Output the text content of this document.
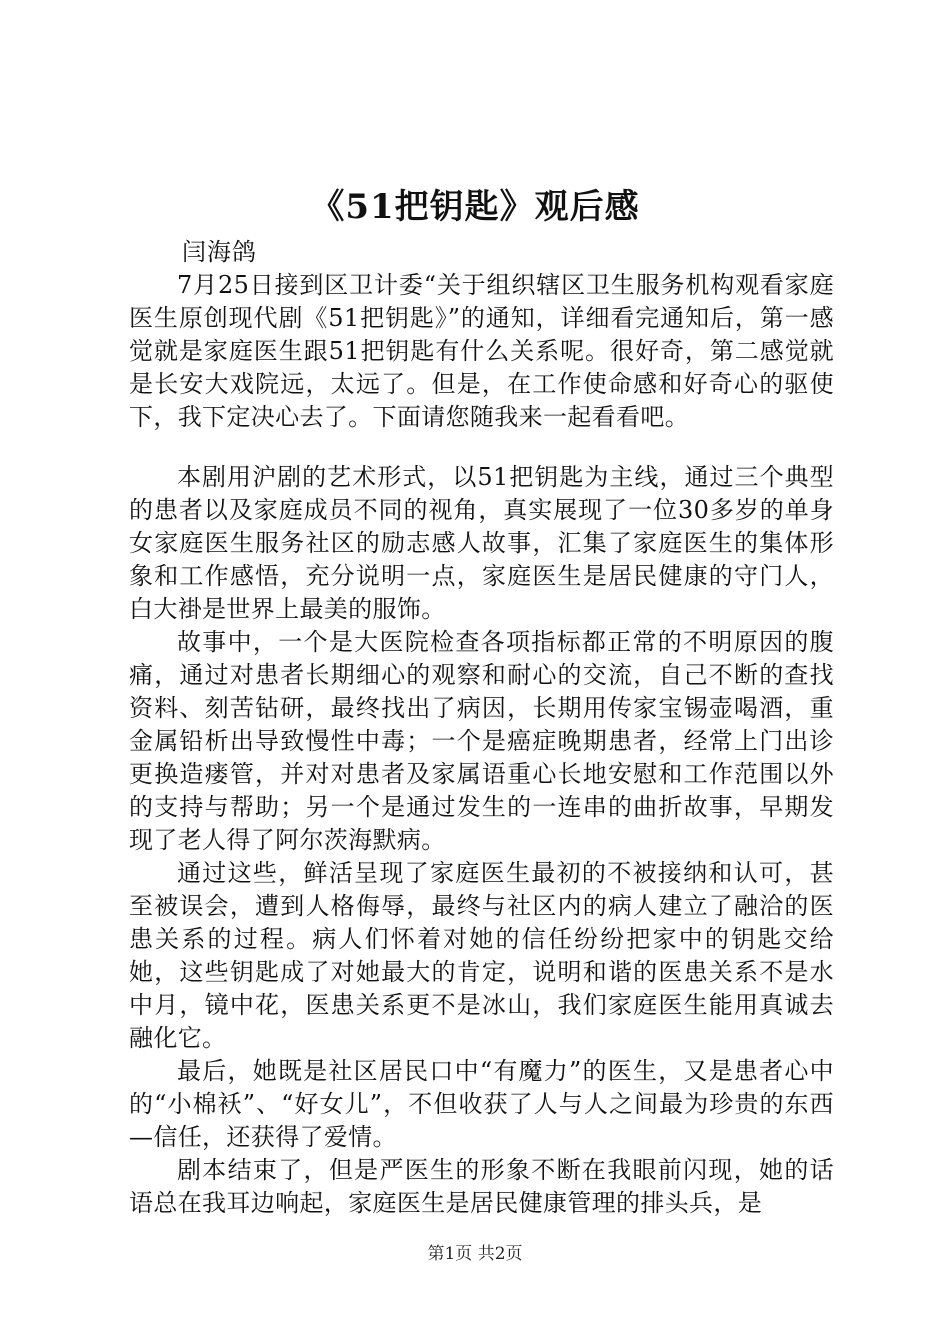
《51把钥匙》观后感
闫海鸽

7月25日接到区卫计委“关于组织辖区卫生服务机构观看家庭医生原创现代剧《51把钥匙》”的通知，详细看完通知后，第一感觉就是家庭医生跟51把钥匙有什么关系呢。很好奇，第二感觉就是长安大戏院远，太远了。但是，在工作使命感和好奇心的驱使下，我下定决心去了。下面请您随我来一起看看吧。

本剧用沪剧的艺术形式，以51把钥匙为主线，通过三个典型的患者以及家庭成员不同的视角，真实展现了一位30多岁的单身女家庭医生服务社区的励志感人故事，汇集了家庭医生的集体形象和工作感悟，充分说明一点，家庭医生是居民健康的守门人，白大褂是世界上最美的服饰。

故事中，一个是大医院检查各项指标都正常的不明原因的腹痛，通过对患者长期细心的观察和耐心的交流，自己不断的查找资料、刻苦钻研，最终找出了病因，长期用传家宝锡壶喝酒，重金属铅析出导致慢性中毒；一个是癌症晚期患者，经常上门出诊更换造瘘管，并对对患者及家属语重心长地安慰和工作范围以外的支持与帮助；另一个是通过发生的一连串的曲折故事，早期发现了老人得了阿尔茨海默病。

通过这些，鲜活呈现了家庭医生最初的不被接纳和认可，甚至被误会，遭到人格侮辱，最终与社区内的病人建立了融洽的医患关系的过程。病人们怀着对她的信任纷纷把家中的钥匙交给她，这些钥匙成了对她最大的肯定，说明和谐的医患关系不是水中月，镜中花，医患关系更不是冰山，我们家庭医生能用真诚去融化它。

最后，她既是社区居民口中“有魔力”的医生，又是患者心中的“小棉袄”、“好女儿”，不但收获了人与人之间最为珍贵的东西—信任，还获得了爱情。

剧本结束了，但是严医生的形象不断在我眼前闪现，她的话语总在我耳边响起，家庭医生是居民健康管理的排头兵，是

第1页 共2页
